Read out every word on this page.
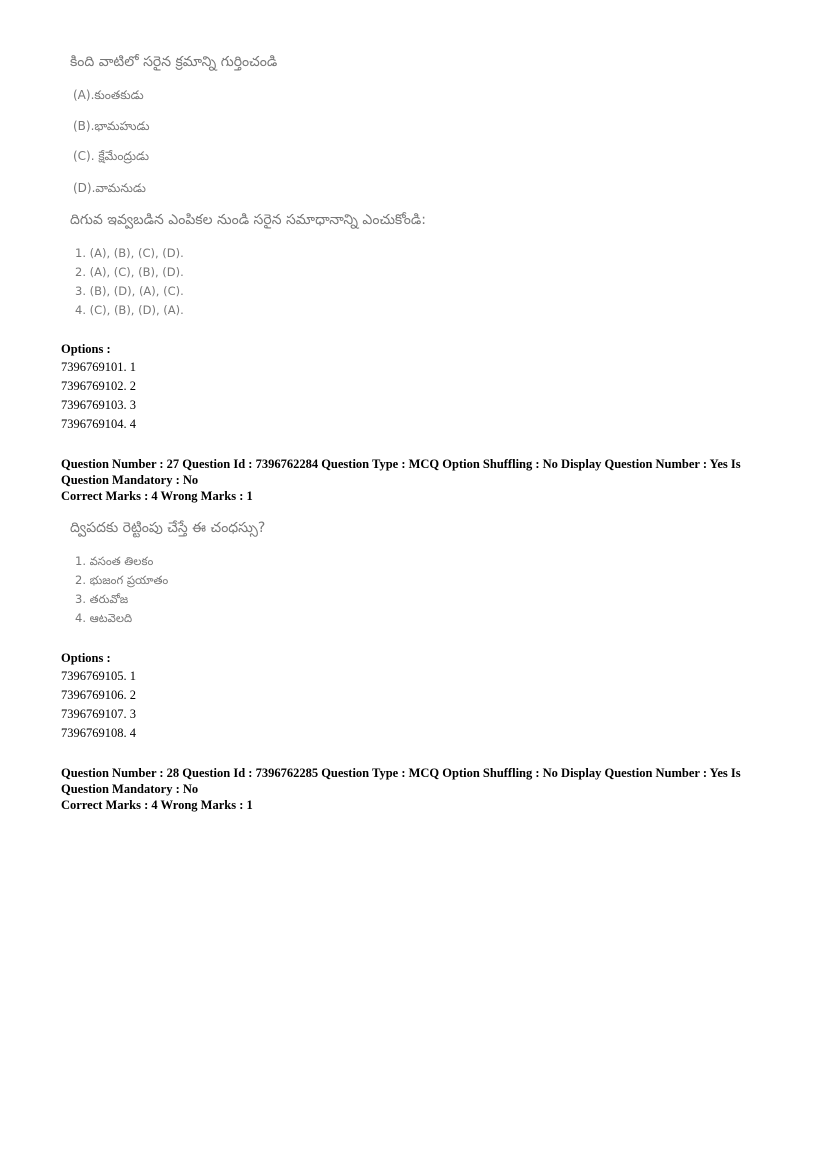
కింది వాటిలో సరైన క్రమాన్ని గుర్తించండి
(A).కుంతకుడు
(B).భామహుడు
(C). క్షేమేంద్రుడు
(D).వామనుడు
దిగువ ఇవ్వబడిన ఎంపికల నుండి సరైన సమాధానాన్ని ఎంచుకోండి:
1. (A), (B), (C), (D).
2. (A), (C), (B), (D).
3. (B), (D), (A), (C).
4. (C), (B), (D), (A).
Options :
7396769101. 1
7396769102. 2
7396769103. 3
7396769104. 4
Question Number : 27 Question Id : 7396762284 Question Type : MCQ Option Shuffling : No Display Question Number : Yes Is
Question Mandatory : No
Correct Marks : 4 Wrong Marks : 1
ద్విపదకు రెట్టింపు చేస్తే ఈ చంధస్సు?
1. వసంత తిలకం
2. భుజంగ ప్రయాతం
3. తరువోజ
4. ఆటవెలది
Options :
7396769105. 1
7396769106. 2
7396769107. 3
7396769108. 4
Question Number : 28 Question Id : 7396762285 Question Type : MCQ Option Shuffling : No Display Question Number : Yes Is
Question Mandatory : No
Correct Marks : 4 Wrong Marks : 1
